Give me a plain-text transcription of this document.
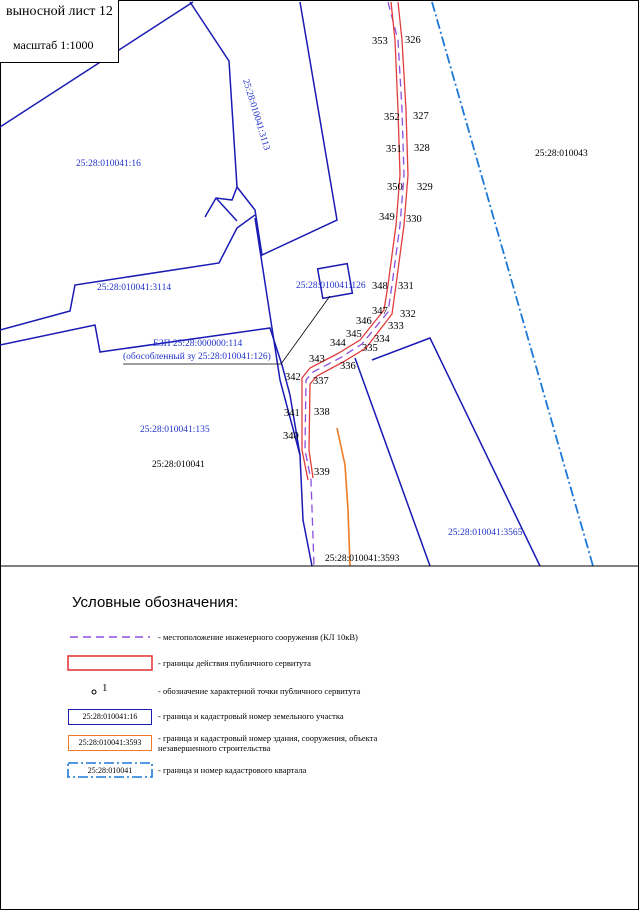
25:28:010041:3113
25:28:010041:16
25:28:010041:3114	25:28:010041:126
25:28:010041:135
25:28:010041:3565
ЕЗП 25:28:000000:114
(обособленный зу 25:28:010041:126)
25:28:010043
25:28:010041
25:28:010041:3593
353 326
352 327
351 328
350 329
349 330
348 331
347 332
346 333
345 334
344 335
343
336
342 337
341 338
340
339
1
выносной лист 12
масштаб 1:1000
Условные обозначения:
- местоположение инженерного сооружения (КЛ 10кВ)
- границы действия публичного сервитута
- обозначение характерной точки публичного сервитута
25:28:010041:16	- граница и кадастровый номер земельного участка
25:28:010041:3593	- граница и кадастровый номер здания, сооружения, объекта незавершенного строительства
25:28:010041	- граница и номер кадастрового квартала
